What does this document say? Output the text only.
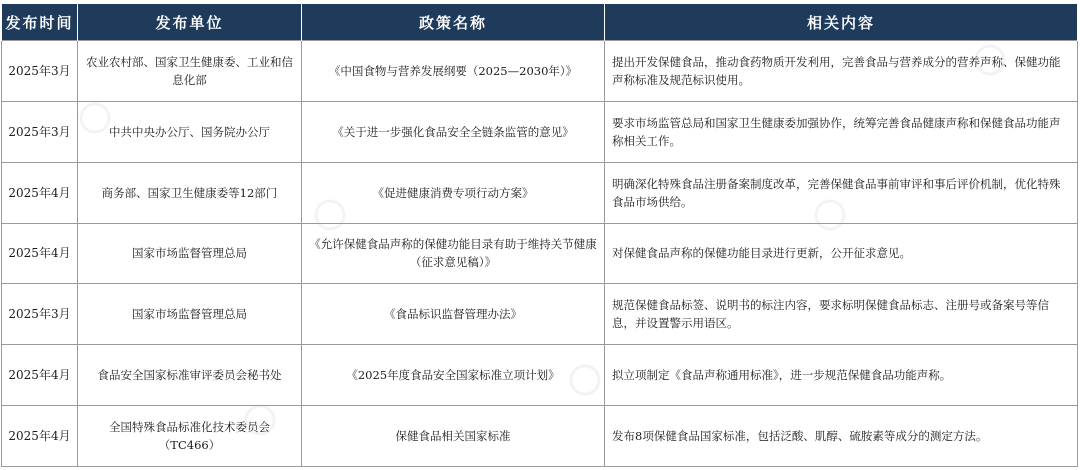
发布时间	发布单位	政策名称	相关内容
2025年3月	农业农村部、国家卫生健康委、工业和信息化部	《中国食物与营养发展纲要（2025—2030年）》	提出开发保健食品，推动食药物质开发利用，完善食品与营养成分的营养声称、保健功能声称标准及规范标识使用。
2025年3月	中共中央办公厅、国务院办公厅	《关于进一步强化食品安全全链条监管的意见》	要求市场监管总局和国家卫生健康委加强协作，统筹完善食品健康声称和保健食品功能声称相关工作。
2025年4月	商务部、国家卫生健康委等12部门	《促进健康消费专项行动方案》	明确深化特殊食品注册备案制度改革，完善保健食品事前审评和事后评价机制，优化特殊食品市场供给。
2025年4月	国家市场监督管理总局	《允许保健食品声称的保健功能目录有助于维持关节健康（征求意见稿）》	对保健食品声称的保健功能目录进行更新，公开征求意见。
2025年3月	国家市场监督管理总局	《食品标识监督管理办法》	规范保健食品标签、说明书的标注内容，要求标明保健食品标志、注册号或备案号等信息，并设置警示用语区。
2025年4月	食品安全国家标准审评委员会秘书处	《2025年度食品安全国家标准立项计划》	拟立项制定《食品声称通用标准》，进一步规范保健食品功能声称。
2025年4月	全国特殊食品标准化技术委员会（TC466）	保健食品相关国家标准	发布8项保健食品国家标准，包括泛酸、肌醇、硫胺素等成分的测定方法。
